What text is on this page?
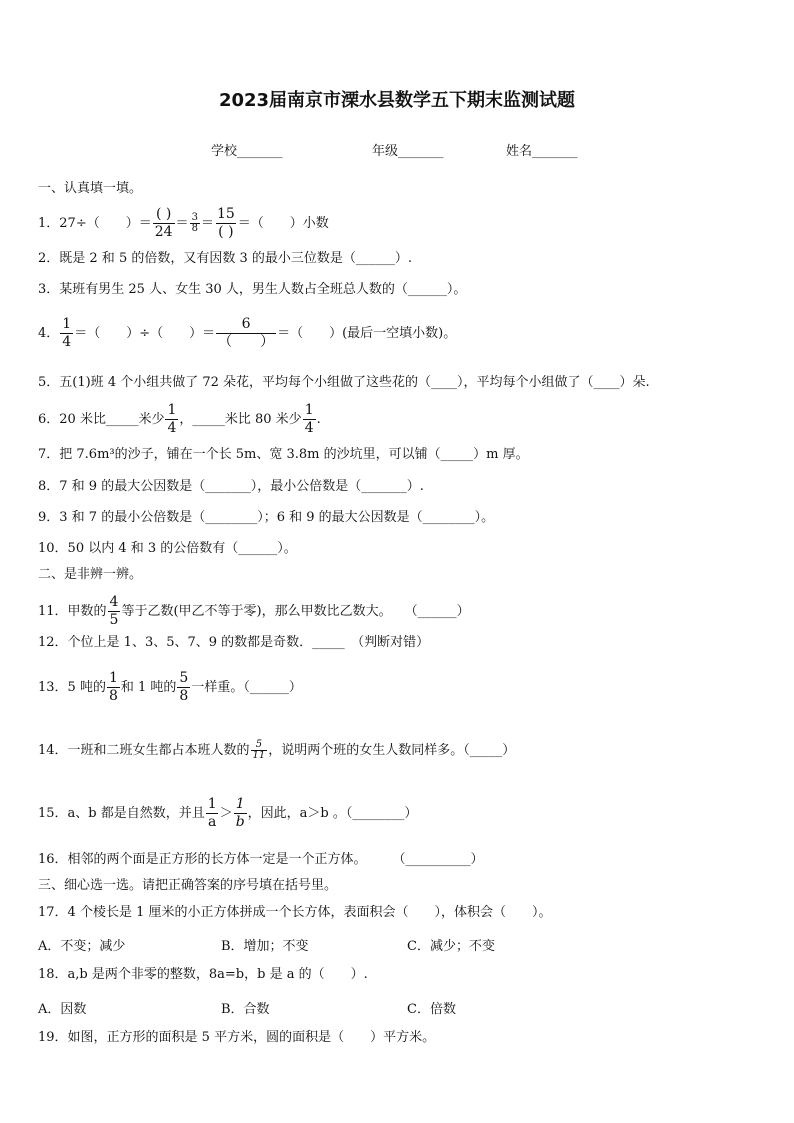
2023届南京市溧水县数学五下期末监测试题
学校_______	年级_______	姓名_______
一、认真填一填。
1．27÷（　　）＝ $\frac{( )}{24} = \frac{3}{8} = \frac{15}{( )}$ ＝（　　）小数
2．既是 2 和 5 的倍数，又有因数 3 的最小三位数是（______）.
3．某班有男生 25 人、女生 30 人，男生人数占全班总人数的（______）。
4． $\frac{1}{4}$ ＝（　　）÷（　　）＝ $\frac{6}{( )}$ ＝（　　）(最后一空填小数)。
5．五(1)班 4 个小组共做了 72 朵花，平均每个小组做了这些花的（____），平均每个小组做了（____）朵.
6．20 米比_____米少 $\frac{1}{4}$ ，_____米比 80 米少 $\frac{1}{4}$ .
7．把 7.6m³的沙子，铺在一个长 5m、宽 3.8m 的沙坑里，可以铺（_____）m 厚。
8．7 和 9 的最大公因数是（_______），最小公倍数是（_______）.
9．3 和 7 的最小公倍数是（________）；6 和 9 的最大公因数是（________）。
10．50 以内 4 和 3 的公倍数有（______）。
二、是非辨一辨。
11．甲数的 $\frac{4}{5}$ 等于乙数(甲乙不等于零)，那么甲数比乙数大。　　（______）
12．个位上是 1、3、5、7、9 的数都是奇数．_____　（判断对错）
13．5 吨的 $\frac{1}{8}$ 和 1 吨的 $\frac{5}{8}$ 一样重。（______）
14．一班和二班女生都占本班人数的 $\frac{5}{11}$ ，说明两个班的女生人数同样多。（_____）
15．a、b 都是自然数，并且 $\frac{1}{a} > \frac{1}{b}$ ，因此，a＞b 。（________）
16．相邻的两个面是正方形的长方体一定是一个正方体。　　　（__________）
三、细心选一选。请把正确答案的序号填在括号里。
17．4 个棱长是 1 厘米的小正方体拼成一个长方体，表面积会（　　），体积会（　　）。
A．不变；减少	B．增加；不变	C．减少；不变
18．a,b 是两个非零的整数，8a=b，b 是 a 的（　　）.
A．因数	B．合数	C．倍数
19．如图，正方形的面积是 5 平方米，圆的面积是（　　）平方米。
